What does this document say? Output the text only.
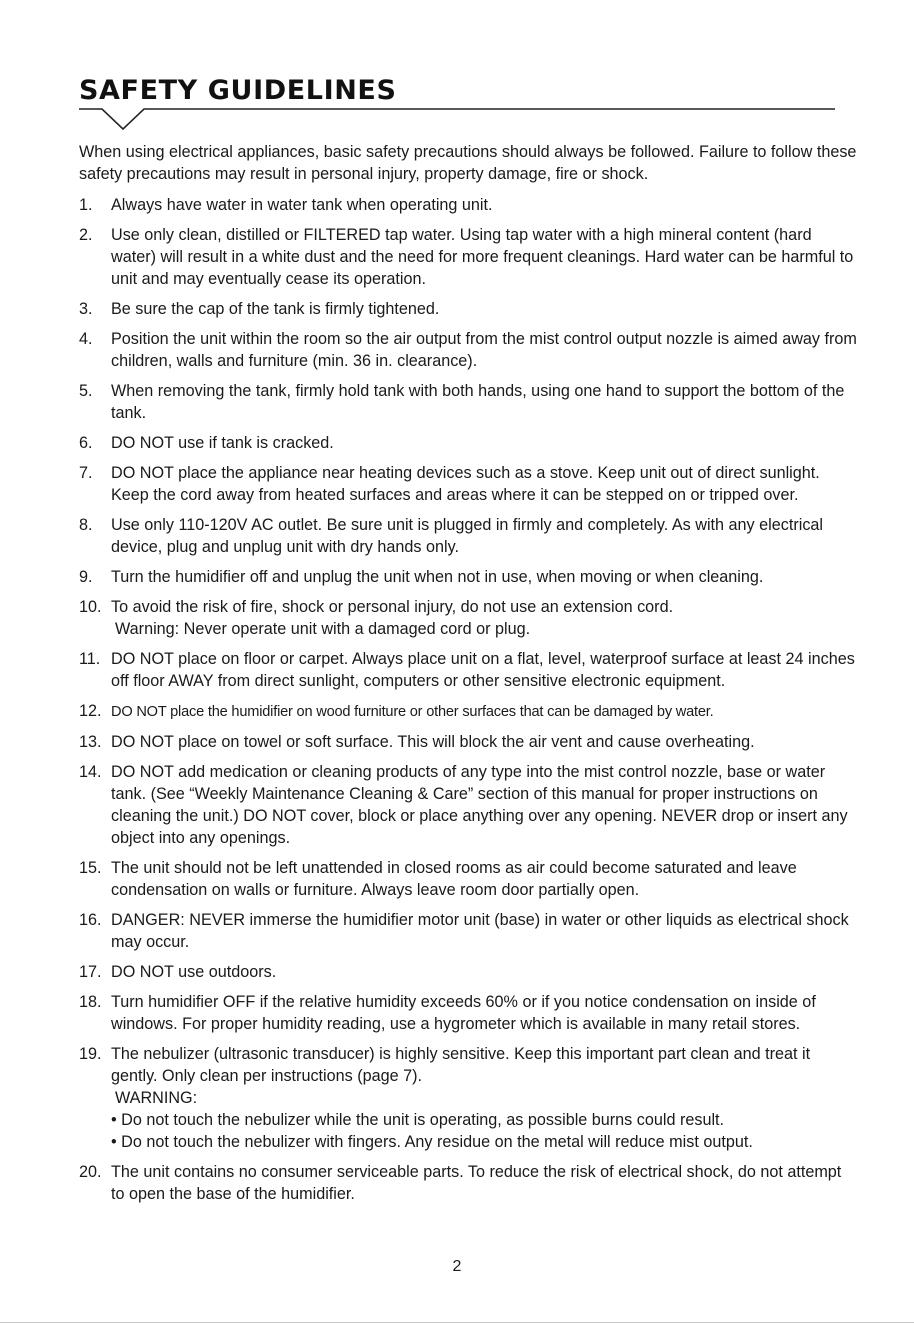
SAFETY GUIDELINES

When using electrical appliances, basic safety precautions should always be followed. Failure to follow these safety precautions may result in personal injury, property damage, fire or shock.

1. Always have water in water tank when operating unit.
2. Use only clean, distilled or FILTERED tap water. Using tap water with a high mineral content (hard water) will result in a white dust and the need for more frequent cleanings. Hard water can be harmful to unit and may eventually cease its operation.
3. Be sure the cap of the tank is firmly tightened.
4. Position the unit within the room so the air output from the mist control output nozzle is aimed away from children, walls and furniture (min. 36 in. clearance).
5. When removing the tank, firmly hold tank with both hands, using one hand to support the bottom of the tank.
6. DO NOT use if tank is cracked.
7. DO NOT place the appliance near heating devices such as a stove. Keep unit out of direct sunlight. Keep the cord away from heated surfaces and areas where it can be stepped on or tripped over.
8. Use only 110-120V AC outlet. Be sure unit is plugged in firmly and completely. As with any electrical device, plug and unplug unit with dry hands only.
9. Turn the humidifier off and unplug the unit when not in use, when moving or when cleaning.
10. To avoid the risk of fire, shock or personal injury, do not use an extension cord.
Warning: Never operate unit with a damaged cord or plug.
11. DO NOT place on floor or carpet. Always place unit on a flat, level, waterproof surface at least 24 inches off floor AWAY from direct sunlight, computers or other sensitive electronic equipment.
12. DO NOT place the humidifier on wood furniture or other surfaces that can be damaged by water.
13. DO NOT place on towel or soft surface. This will block the air vent and cause overheating.
14. DO NOT add medication or cleaning products of any type into the mist control nozzle, base or water tank. (See “Weekly Maintenance Cleaning & Care” section of this manual for proper instructions on cleaning the unit.) DO NOT cover, block or place anything over any opening. NEVER drop or insert any object into any openings.
15. The unit should not be left unattended in closed rooms as air could become saturated and leave condensation on walls or furniture. Always leave room door partially open.
16. DANGER: NEVER immerse the humidifier motor unit (base) in water or other liquids as electrical shock may occur.
17. DO NOT use outdoors.
18. Turn humidifier OFF if the relative humidity exceeds 60% or if you notice condensation on inside of windows. For proper humidity reading, use a hygrometer which is available in many retail stores.
19. The nebulizer (ultrasonic transducer) is highly sensitive. Keep this important part clean and treat it gently. Only clean per instructions (page 7).
WARNING:
• Do not touch the nebulizer while the unit is operating, as possible burns could result.
• Do not touch the nebulizer with fingers. Any residue on the metal will reduce mist output.
20. The unit contains no consumer serviceable parts. To reduce the risk of electrical shock, do not attempt to open the base of the humidifier.
2
